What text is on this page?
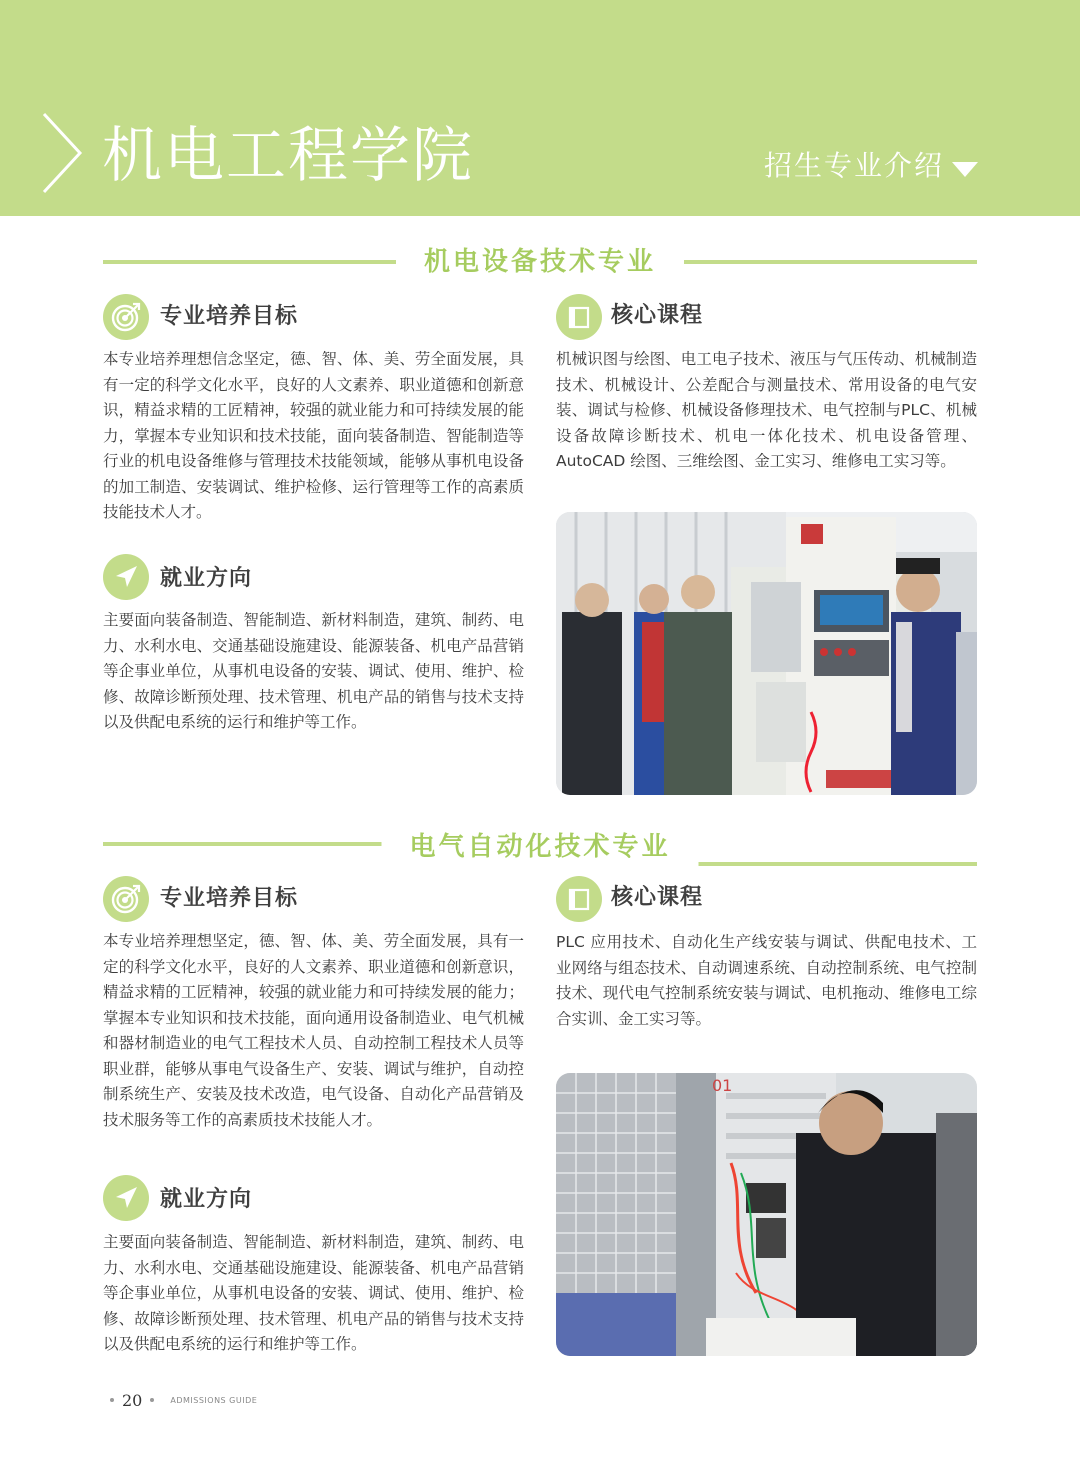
机电工程学院	招生专业介绍
机电设备技术专业
专业培养目标

本专业培养理想信念坚定，德、智、体、美、劳全面发展，具有一定的科学文化水平，良好的人文素养、职业道德和创新意识，精益求精的工匠精神，较强的就业能力和可持续发展的能力，掌握本专业知识和技术技能，面向装备制造、智能制造等行业的机电设备维修与管理技术技能领域，能够从事机电设备的加工制造、安装调试、维护检修、运行管理等工作的高素质技能技术人才。

就业方向

主要面向装备制造、智能制造、新材料制造，建筑、制药、电力、水利水电、交通基础设施建设、能源装备、机电产品营销等企事业单位，从事机电设备的安装、调试、使用、维护、检修、故障诊断预处理、技术管理、机电产品的销售与技术支持以及供配电系统的运行和维护等工作。

核心课程

机械识图与绘图、电工电子技术、液压与气压传动、机械制造技术、机械设计、公差配合与测量技术、常用设备的电气安装、调试与检修、机械设备修理技术、电气控制与PLC、机械设备故障诊断技术、机电一体化技术、机电设备管理、AutoCAD 绘图、三维绘图、金工实习、维修电工实习等。

电气自动化技术专业
专业培养目标

本专业培养理想坚定，德、智、体、美、劳全面发展，具有一定的科学文化水平，良好的人文素养、职业道德和创新意识，精益求精的工匠精神，较强的就业能力和可持续发展的能力；掌握本专业知识和技术技能，面向通用设备制造业、电气机械和器材制造业的电气工程技术人员、自动控制工程技术人员等职业群，能够从事电气设备生产、安装、调试与维护，自动控制系统生产、安装及技术改造，电气设备、自动化产品营销及技术服务等工作的高素质技术技能人才。

就业方向

主要面向装备制造、智能制造、新材料制造，建筑、制药、电力、水利水电、交通基础设施建设、能源装备、机电产品营销等企事业单位，从事机电设备的安装、调试、使用、维护、检修、故障诊断预处理、技术管理、机电产品的销售与技术支持以及供配电系统的运行和维护等工作。

核心课程

PLC 应用技术、自动化生产线安装与调试、供配电技术、工业网络与组态技术、自动调速系统、自动控制系统、电气控制技术、现代电气控制系统安装与调试、电机拖动、维修电工综合实训、金工实习等。

01
20	ADMISSIONS GUIDE
